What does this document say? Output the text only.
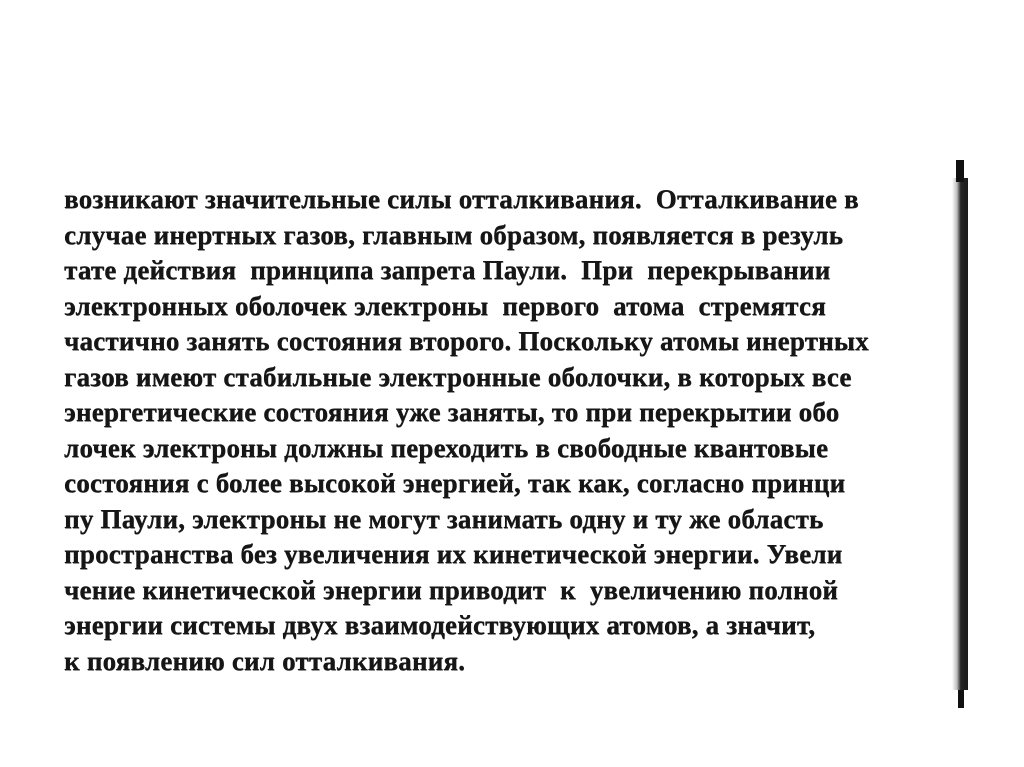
возникают значительные силы отталкивания.  Отталкивание в
случае инертных газов, главным образом, появляется в резуль
тате действия  принципа запрета Паули.  При  перекрывании
электронных оболочек электроны  первого  атома  стремятся
частично занять состояния второго. Поскольку атомы инертных
газов имеют стабильные электронные оболочки, в которых все
энергетические состояния уже заняты, то при перекрытии обо
лочек электроны должны переходить в свободные квантовые
состояния с более высокой энергией, так как, согласно принци
пу Паули, электроны не могут занимать одну и ту же область
пространства без увеличения их кинетической энергии. Увели
чение кинетической энергии приводит  к  увеличению полной
энергии системы двух взаимодействующих атомов, а значит,
к появлению сил отталкивания.
